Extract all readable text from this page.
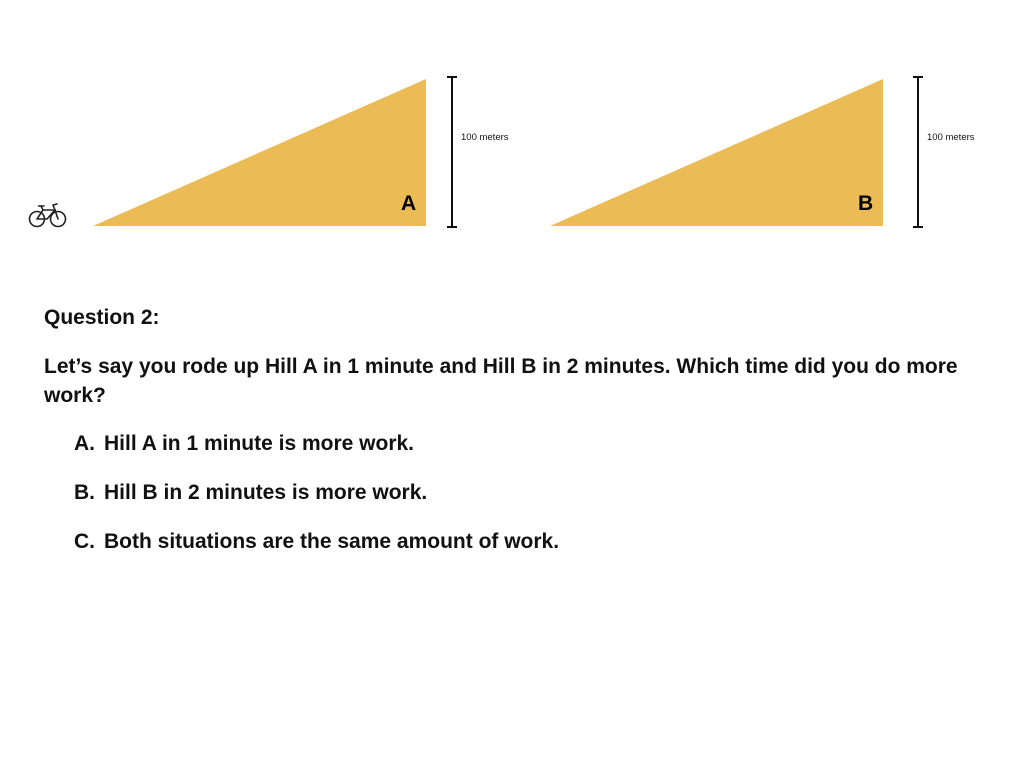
A
100 meters
B
100 meters
Question 2:
Let’s say you rode up Hill A in 1 minute and Hill B in 2 minutes. Which time did you do more work?
A. Hill A in 1 minute is more work.
B. Hill B in 2 minutes is more work.
C. Both situations are the same amount of work.
